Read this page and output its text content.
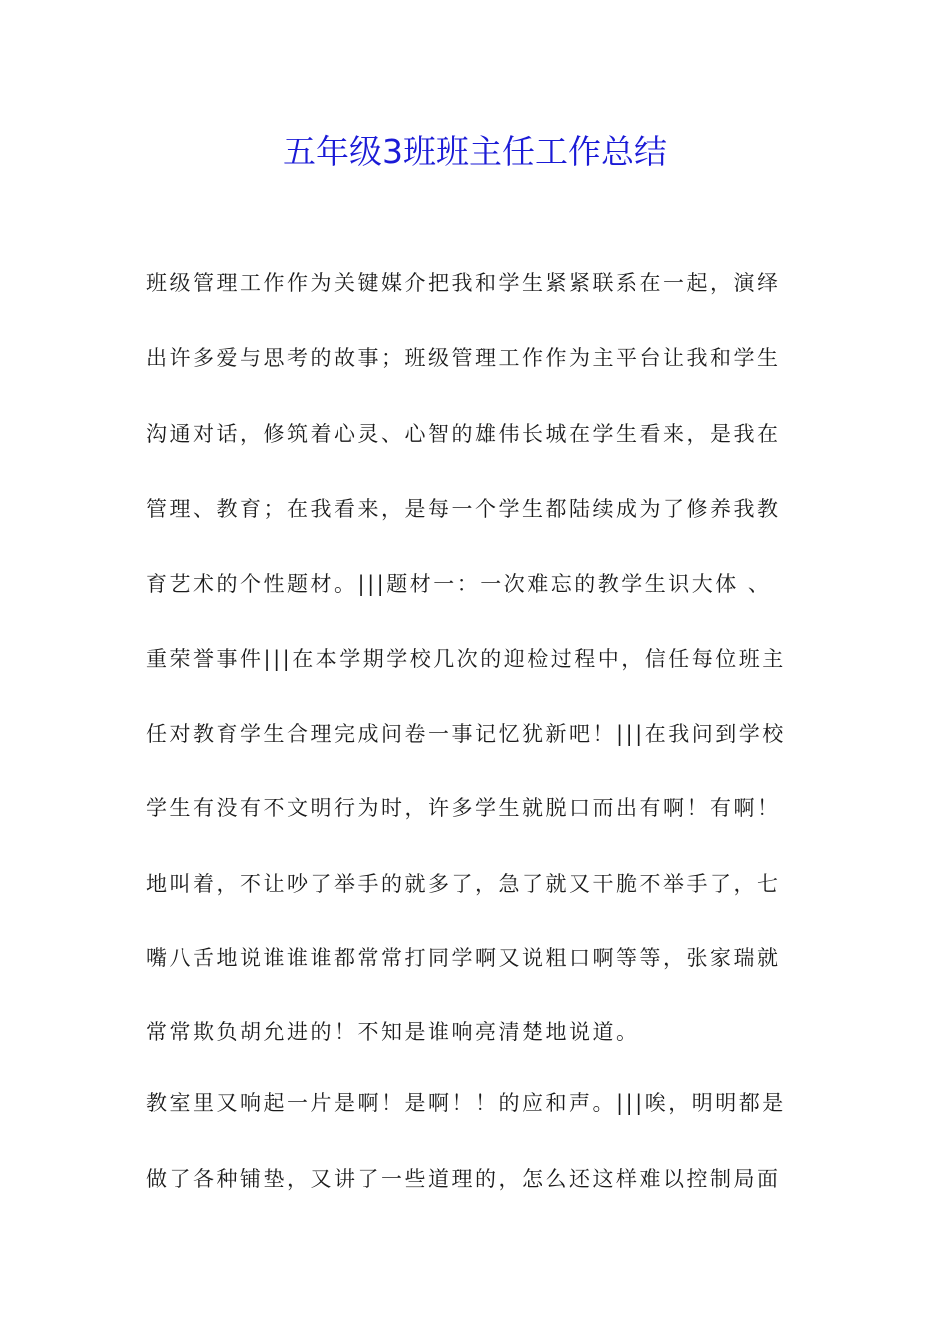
五年级3班班主任工作总结

班级管理工作作为关键媒介把我和学生紧紧联系在一起，演绎

出许多爱与思考的故事；班级管理工作作为主平台让我和学生

沟通对话，修筑着心灵、心智的雄伟长城在学生看来，是我在

管理、教育；在我看来，是每一个学生都陆续成为了修养我教

育艺术的个性题材。|||题材一：一次难忘的教学生识大体 、

重荣誉事件|||在本学期学校几次的迎检过程中，信任每位班主

任对教育学生合理完成问卷一事记忆犹新吧！|||在我问到学校

学生有没有不文明行为时，许多学生就脱口而出有啊！有啊！

地叫着，不让吵了举手的就多了，急了就又干脆不举手了，七

嘴八舌地说谁谁谁都常常打同学啊又说粗口啊等等，张家瑞就

常常欺负胡允进的！不知是谁响亮清楚地说道。

教室里又响起一片是啊！是啊！！的应和声。|||唉，明明都是

做了各种铺垫，又讲了一些道理的，怎么还这样难以控制局面
